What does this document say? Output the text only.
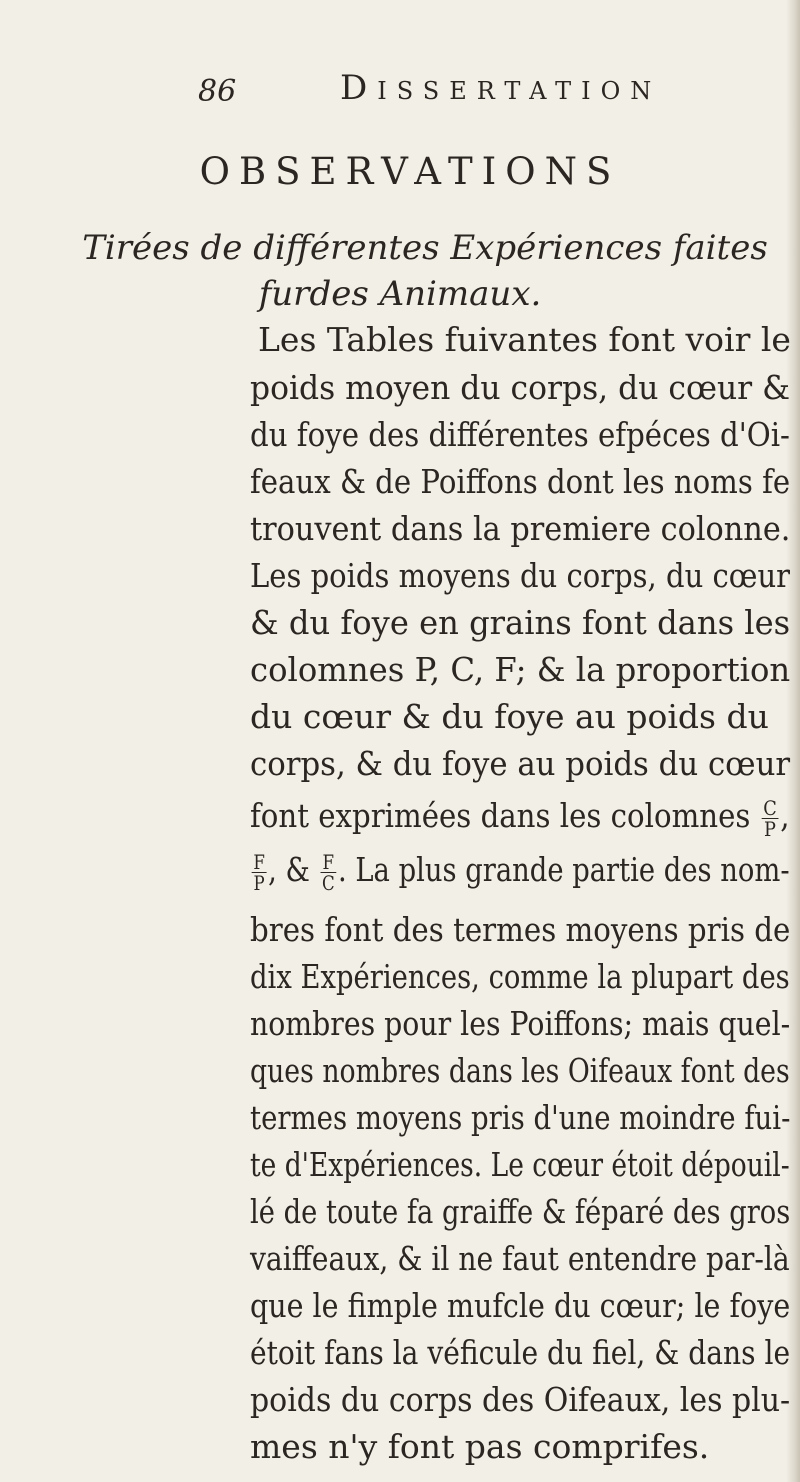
86	Dissertation
OBSERVATIONS
Tirées de différentes Expériences faites
furdes Animaux.
Les Tables fuivantes font voir le
poids moyen du corps, du cœur &
du foye des différentes efpéces d'Oi-
feaux & de Poiffons dont les noms fe
trouvent dans la premiere colonne.
Les poids moyens du corps, du cœur
& du foye en grains font dans les
colomnes P, C, F; & la proportion
du cœur & du foye au poids du
corps, & du foye au poids du cœur
font exprimées dans les colomnes $\frac{C}{P}$ ,
$\frac{F}{P}$ , & $\frac{F}{C}$ . La plus grande partie des nom-
bres font des termes moyens pris de
dix Expériences, comme la plupart des
nombres pour les Poiffons; mais quel-
ques nombres dans les Oifeaux font des
termes moyens pris d'une moindre fui-
te d'Expériences. Le cœur étoit dépouil-
lé de toute fa graiffe & féparé des gros
vaiffeaux, & il ne faut entendre par-là
que le fimple mufcle du cœur; le foye
étoit fans la véficule du fiel, & dans le
poids du corps des Oifeaux, les plu-
mes n'y font pas comprifes.
